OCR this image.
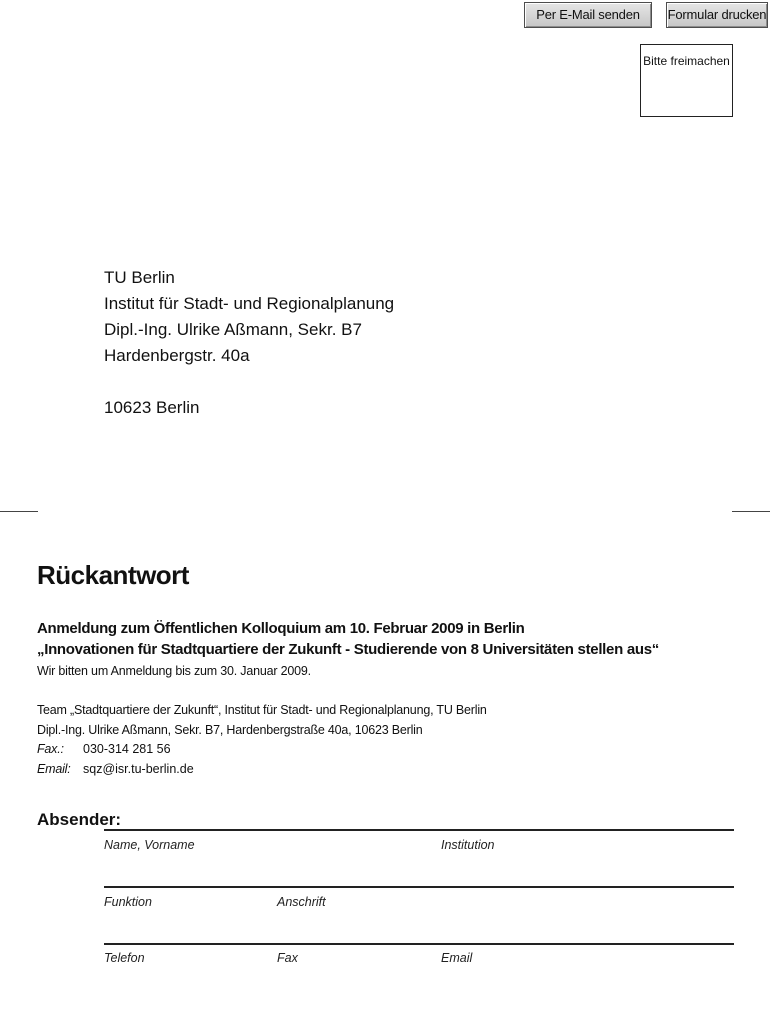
Per E-Mail senden	Formular drucken
Bitte freimachen
TU Berlin
Institut für Stadt- und Regionalplanung
Dipl.-Ing. Ulrike Aßmann, Sekr. B7
Hardenbergstr. 40a
10623 Berlin
Rückantwort
Anmeldung zum Öffentlichen Kolloquium am 10. Februar 2009 in Berlin
„Innovationen für Stadtquartiere der Zukunft - Studierende von 8 Universitäten stellen aus“
Wir bitten um Anmeldung bis zum 30. Januar 2009.
Team „Stadtquartiere der Zukunft“, Institut für Stadt- und Regionalplanung, TU Berlin
Dipl.-Ing. Ulrike Aßmann, Sekr. B7, Hardenbergstraße 40a, 10623 Berlin
Fax.: 030-314 281 56
Email: sqz@isr.tu-berlin.de
Absender:
Name, Vorname	Institution
Funktion	Anschrift
Telefon	Fax	Email
